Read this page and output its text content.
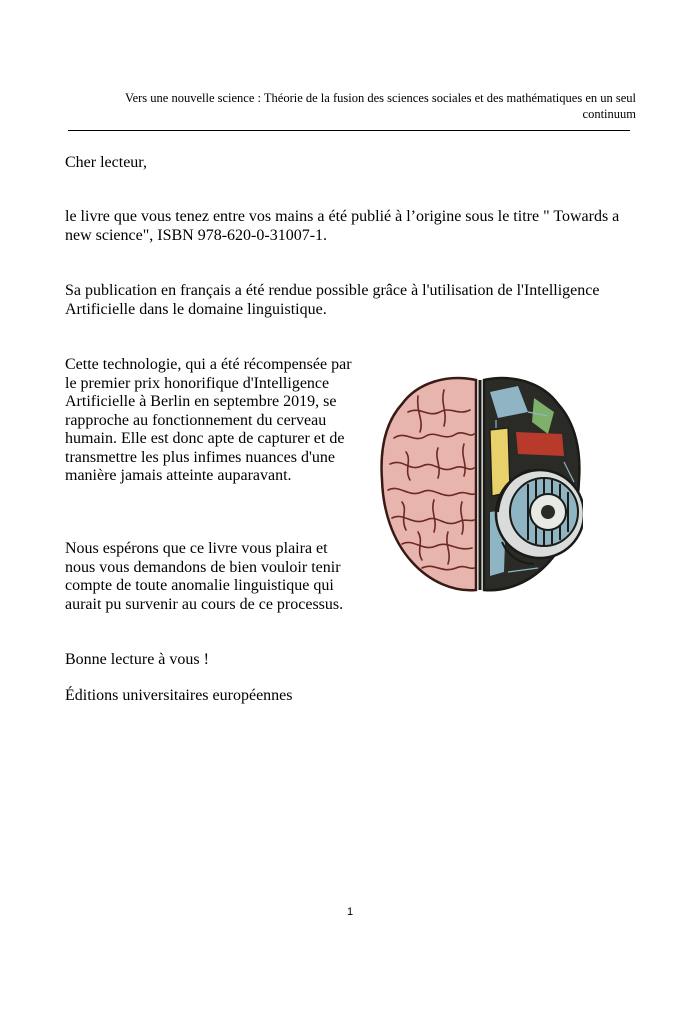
Vers une nouvelle science : Théorie de la fusion des sciences sociales et des mathématiques en un seul
continuum

Cher lecteur,

le livre que vous tenez entre vos mains a été publié à l’origine sous le titre " Towards a new science", ISBN 978-620-0-31007-1.

Sa publication en français a été rendue possible grâce à l'utilisation de l'Intelligence Artificielle dans le domaine linguistique.

Cette technologie, qui a été récompensée par le premier prix honorifique d'Intelligence Artificielle à Berlin en septembre 2019, se rapproche au fonctionnement du cerveau humain. Elle est donc apte de capturer et de transmettre les plus infimes nuances d'une manière jamais atteinte auparavant.

Nous espérons que ce livre vous plaira et nous vous demandons de bien vouloir tenir compte de toute anomalie linguistique qui aurait pu survenir au cours de ce processus.

Bonne lecture à vous !

Éditions universitaires européennes

1
